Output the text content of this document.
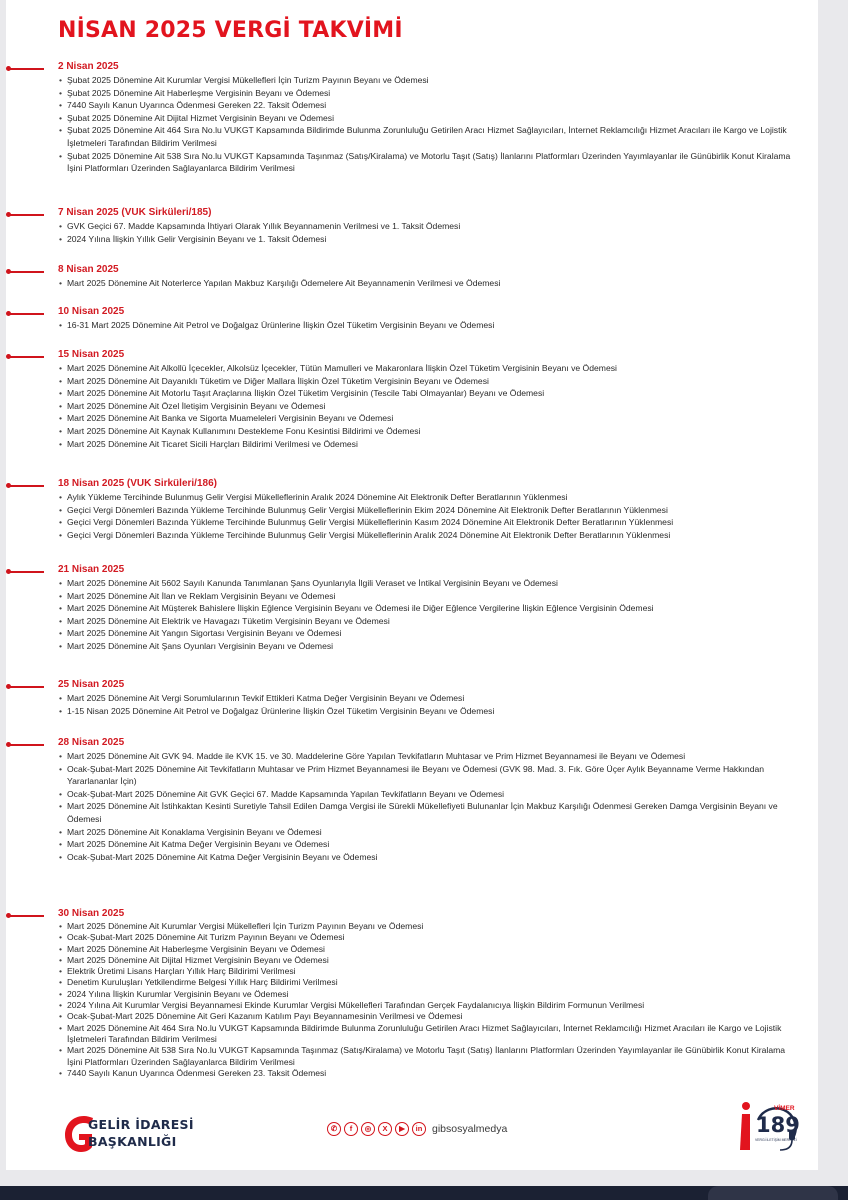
NİSAN 2025 VERGİ TAKVİMİ
2 Nisan 2025
• Şubat 2025 Dönemine Ait Kurumlar Vergisi Mükellefleri İçin Turizm Payının Beyanı ve Ödemesi
• Şubat 2025 Dönemine Ait Haberleşme Vergisinin Beyanı ve Ödemesi
• 7440 Sayılı Kanun Uyarınca Ödenmesi Gereken 22. Taksit Ödemesi
• Şubat 2025 Dönemine Ait Dijital Hizmet Vergisinin Beyanı ve Ödemesi
• Şubat 2025 Dönemine Ait 464 Sıra No.lu VUKGT Kapsamında Bildirimde Bulunma Zorunluluğu Getirilen Aracı Hizmet Sağlayıcıları, İnternet Reklamcılığı Hizmet Aracıları ile Kargo ve Lojistik İşletmeleri Tarafından Bildirim Verilmesi
• Şubat 2025 Dönemine Ait 538 Sıra No.lu VUKGT Kapsamında Taşınmaz (Satış/Kiralama) ve Motorlu Taşıt (Satış) İlanlarını Platformları Üzerinden Yayımlayanlar ile Günübirlik Konut Kiralama İşini Platformları Üzerinden Sağlayanlarca Bildirim Verilmesi
7 Nisan 2025 (VUK Sirküleri/185)
• GVK Geçici 67. Madde Kapsamında İhtiyari Olarak Yıllık Beyannamenin Verilmesi ve 1. Taksit Ödemesi
• 2024 Yılına İlişkin Yıllık Gelir Vergisinin Beyanı ve 1. Taksit Ödemesi
8 Nisan 2025
• Mart 2025 Dönemine Ait Noterlerce Yapılan Makbuz Karşılığı Ödemelere Ait Beyannamenin Verilmesi ve Ödemesi
10 Nisan 2025
• 16-31 Mart 2025 Dönemine Ait Petrol ve Doğalgaz Ürünlerine İlişkin Özel Tüketim Vergisinin Beyanı ve Ödemesi
15 Nisan 2025
• Mart 2025 Dönemine Ait Alkollü İçecekler, Alkolsüz İçecekler, Tütün Mamulleri ve Makaronlara İlişkin Özel Tüketim Vergisinin Beyanı ve Ödemesi
• Mart 2025 Dönemine Ait Dayanıklı Tüketim ve Diğer Mallara İlişkin Özel Tüketim Vergisinin Beyanı ve Ödemesi
• Mart 2025 Dönemine Ait Motorlu Taşıt Araçlarına İlişkin Özel Tüketim Vergisinin (Tescile Tabi Olmayanlar) Beyanı ve Ödemesi
• Mart 2025 Dönemine Ait Özel İletişim Vergisinin Beyanı ve Ödemesi
• Mart 2025 Dönemine Ait Banka ve Sigorta Muameleleri Vergisinin Beyanı ve Ödemesi
• Mart 2025 Dönemine Ait Kaynak Kullanımını Destekleme Fonu Kesintisi Bildirimi ve Ödemesi
• Mart 2025 Dönemine Ait Ticaret Sicili Harçları Bildirimi Verilmesi ve Ödemesi
18 Nisan 2025 (VUK Sirküleri/186)
• Aylık Yükleme Tercihinde Bulunmuş Gelir Vergisi Mükelleflerinin Aralık 2024 Dönemine Ait Elektronik Defter Beratlarının Yüklenmesi
• Geçici Vergi Dönemleri Bazında Yükleme Tercihinde Bulunmuş Gelir Vergisi Mükelleflerinin Ekim 2024 Dönemine Ait Elektronik Defter Beratlarının Yüklenmesi
• Geçici Vergi Dönemleri Bazında Yükleme Tercihinde Bulunmuş Gelir Vergisi Mükelleflerinin Kasım 2024 Dönemine Ait Elektronik Defter Beratlarının Yüklenmesi
• Geçici Vergi Dönemleri Bazında Yükleme Tercihinde Bulunmuş Gelir Vergisi Mükelleflerinin Aralık 2024 Dönemine Ait Elektronik Defter Beratlarının Yüklenmesi
21 Nisan 2025
• Mart 2025 Dönemine Ait 5602 Sayılı Kanunda Tanımlanan Şans Oyunlarıyla İlgili Veraset ve İntikal Vergisinin Beyanı ve Ödemesi
• Mart 2025 Dönemine Ait İlan ve Reklam Vergisinin Beyanı ve Ödemesi
• Mart 2025 Dönemine Ait Müşterek Bahislere İlişkin Eğlence Vergisinin Beyanı ve Ödemesi ile Diğer Eğlence Vergilerine İlişkin Eğlence Vergisinin Ödemesi
• Mart 2025 Dönemine Ait Elektrik ve Havagazı Tüketim Vergisinin Beyanı ve Ödemesi
• Mart 2025 Dönemine Ait Yangın Sigortası Vergisinin Beyanı ve Ödemesi
• Mart 2025 Dönemine Ait Şans Oyunları Vergisinin Beyanı ve Ödemesi
25 Nisan 2025
• Mart 2025 Dönemine Ait Vergi Sorumlularının Tevkif Ettikleri Katma Değer Vergisinin Beyanı ve Ödemesi
• 1-15 Nisan 2025 Dönemine Ait Petrol ve Doğalgaz Ürünlerine İlişkin Özel Tüketim Vergisinin Beyanı ve Ödemesi
28 Nisan 2025
• Mart 2025 Dönemine Ait GVK 94. Madde ile KVK 15. ve 30. Maddelerine Göre Yapılan Tevkifatların Muhtasar ve Prim Hizmet Beyannamesi ile Beyanı ve Ödemesi
• Ocak-Şubat-Mart 2025 Dönemine Ait Tevkifatların Muhtasar ve Prim Hizmet Beyannamesi ile Beyanı ve Ödemesi (GVK 98. Mad. 3. Fık. Göre Üçer Aylık Beyanname Verme Hakkından Yararlananlar İçin)
• Ocak-Şubat-Mart 2025 Dönemine Ait GVK Geçici 67. Madde Kapsamında Yapılan Tevkifatların Beyanı ve Ödemesi
• Mart 2025 Dönemine Ait İstihkaktan Kesinti Suretiyle Tahsil Edilen Damga Vergisi ile Sürekli Mükellefiyeti Bulunanlar İçin Makbuz Karşılığı Ödenmesi Gereken Damga Vergisinin Beyanı ve Ödemesi
• Mart 2025 Dönemine Ait Konaklama Vergisinin Beyanı ve Ödemesi
• Mart 2025 Dönemine Ait Katma Değer Vergisinin Beyanı ve Ödemesi
• Ocak-Şubat-Mart 2025 Dönemine Ait Katma Değer Vergisinin Beyanı ve Ödemesi
30 Nisan 2025
• Mart 2025 Dönemine Ait Kurumlar Vergisi Mükellefleri İçin Turizm Payının Beyanı ve Ödemesi
• Ocak-Şubat-Mart 2025 Dönemine Ait Turizm Payının Beyanı ve Ödemesi
• Mart 2025 Dönemine Ait Haberleşme Vergisinin Beyanı ve Ödemesi
• Mart 2025 Dönemine Ait Dijital Hizmet Vergisinin Beyanı ve Ödemesi
• Elektrik Üretimi Lisans Harçları Yıllık Harç Bildirimi Verilmesi
• Denetim Kuruluşları Yetkilendirme Belgesi Yıllık Harç Bildirimi Verilmesi
• 2024 Yılına İlişkin Kurumlar Vergisinin Beyanı ve Ödemesi
• 2024 Yılına Ait Kurumlar Vergisi Beyannamesi Ekinde Kurumlar Vergisi Mükellefleri Tarafından Gerçek Faydalanıcıya İlişkin Bildirim Formunun Verilmesi
• Ocak-Şubat-Mart 2025 Dönemine Ait Geri Kazanım Katılım Payı Beyannamesinin Verilmesi ve Ödemesi
• Mart 2025 Dönemine Ait 464 Sıra No.lu VUKGT Kapsamında Bildirimde Bulunma Zorunluluğu Getirilen Aracı Hizmet Sağlayıcıları, İnternet Reklamcılığı Hizmet Aracıları ile Kargo ve Lojistik İşletmeleri Tarafından Bildirim Verilmesi
• Mart 2025 Dönemine Ait 538 Sıra No.lu VUKGT Kapsamında Taşınmaz (Satış/Kiralama) ve Motorlu Taşıt (Satış) İlanlarını Platformları Üzerinden Yayımlayanlar ile Günübirlik Konut Kiralama İşini Platformları Üzerinden Sağlayanlarca Bildirim Verilmesi
• 7440 Sayılı Kanun Uyarınca Ödenmesi Gereken 23. Taksit Ödemesi
GELİR İDARESİ
BAŞKANLIĞI
✆	f	◎	X	▶	in gibsosyalmedya
VİMER
189
VERGİ İLETİŞİM MERKEZİ
